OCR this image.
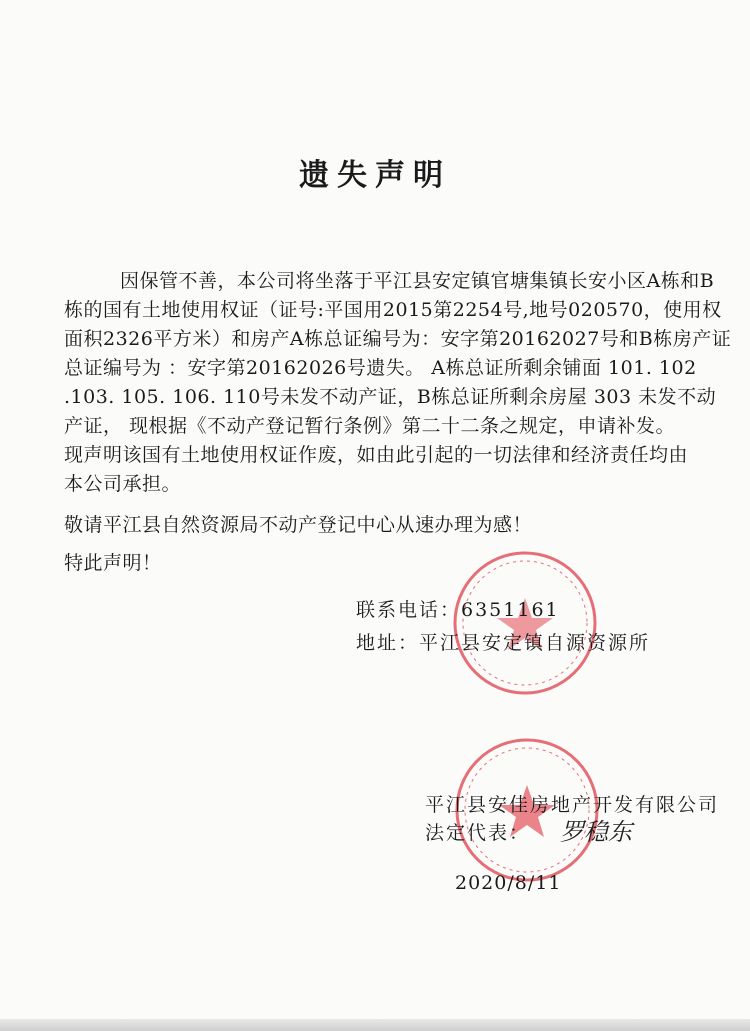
遗失声明
因保管不善，本公司将坐落于平江县安定镇官塘集镇长安小区A栋和B
栋的国有土地使用权证（证号:平国用2015第2254号,地号020570，使用权
面积2326平方米）和房产A栋总证编号为：安字第20162027号和B栋房产证
总证编号为 ：安字第20162026号遗失。 A栋总证所剩余铺面 101. 102
.103. 105. 106. 110号未发不动产证，B栋总证所剩余房屋 303 未发不动
产证， 现根据《不动产登记暂行条例》第二十二条之规定，申请补发。
现声明该国有土地使用权证作废，如由此引起的一切法律和经济责任均由
本公司承担。
敬请平江县自然资源局不动产登记中心从速办理为感！
特此声明！
联系电话：6351161
地址：平江县安定镇自源资源所
平江县安佳房地产开发有限公司
法定代表： 罗稳东
2020/8/11
